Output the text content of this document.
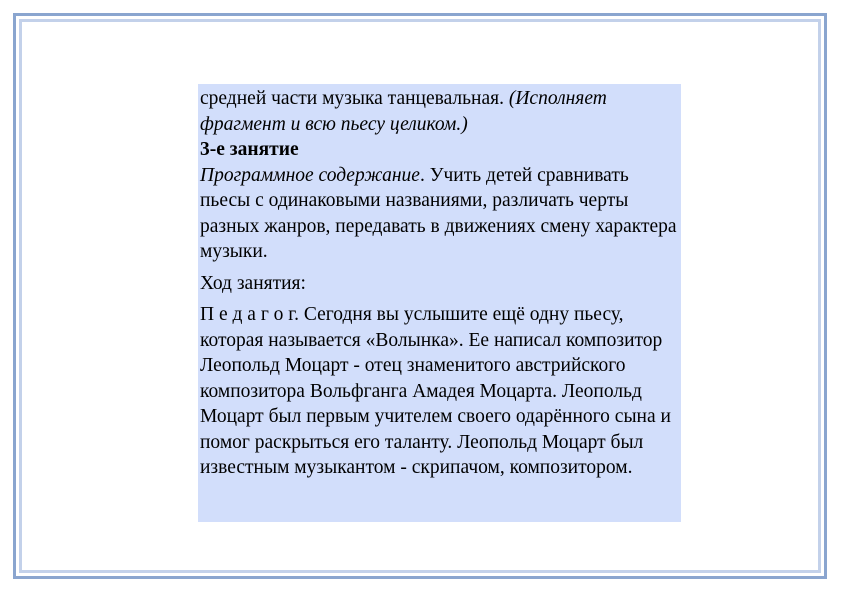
средней части музыка танцевальная. (Исполняет фрагмент и всю пьесу целиком.)

3-е занятие

Программное содержание. Учить детей сравнивать пьесы с одинаковыми названиями, различать черты разных жанров, передавать в движениях смену характера музыки.

Ход занятия:

П е д а г о г. Сегодня вы услышите ещё одну пьесу, которая называется «Волынка». Ее написал композитор Леопольд Моцарт - отец знаменитого австрийского композитора Вольфганга Амадея Моцарта. Леопольд Моцарт был первым учителем своего одарённого сына и помог раскрыться его таланту. Леопольд Моцарт был известным музыкантом - скрипачом, композитором.
